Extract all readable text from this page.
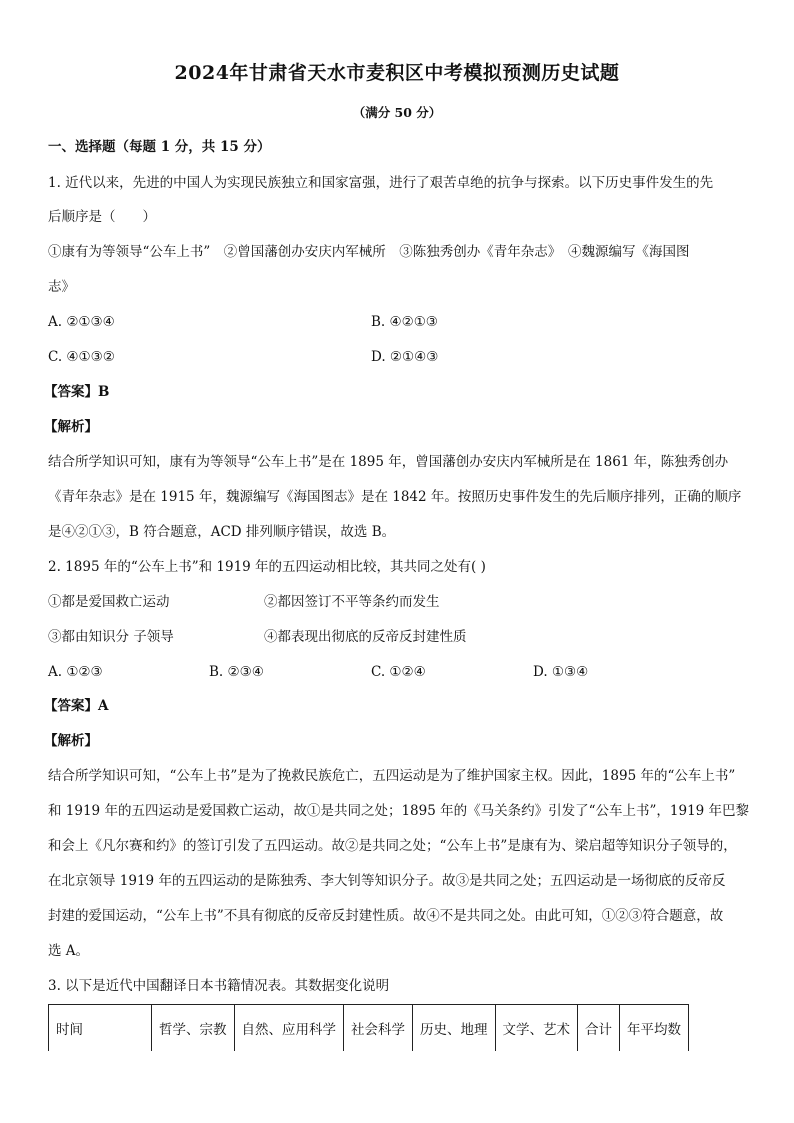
2024年甘肃省天水市麦积区中考模拟预测历史试题
（满分 50 分）
一、选择题（每题 1 分，共 15 分）
1. 近代以来，先进的中国人为实现民族独立和国家富强，进行了艰苦卓绝的抗争与探索。以下历史事件发生的先
后顺序是（　　）
①康有为等领导“公车上书”　②曾国藩创办安庆内军械所　③陈独秀创办《青年杂志》　④魏源编写《海国图
志》
A. ②①③④	B. ④②①③
C. ④①③②	D. ②①④③
【答案】B
【解析】
结合所学知识可知，康有为等领导“公车上书”是在 1895 年，曾国藩创办安庆内军械所是在 1861 年，陈独秀创办
《青年杂志》是在 1915 年，魏源编写《海国图志》是在 1842 年。按照历史事件发生的先后顺序排列，正确的顺序
是④②①③，B 符合题意，ACD 排列顺序错误，故选 B。
2. 1895 年的“公车上书”和 1919 年的五四运动相比较，其共同之处有( )
①都是爱国救亡运动	②都因签订不平等条约而发生
③都由知识分 子领导	④都表现出彻底的反帝反封建性质
A. ①②③	B. ②③④	C. ①②④	D. ①③④
【答案】A
【解析】
结合所学知识可知，“公车上书”是为了挽救民族危亡，五四运动是为了维护国家主权。因此，1895 年的“公车上书”
和 1919 年的五四运动是爱国救亡运动，故①是共同之处；1895 年的《马关条约》引发了“公车上书”，1919 年巴黎
和会上《凡尔赛和约》的签订引发了五四运动。故②是共同之处；“公车上书”是康有为、梁启超等知识分子领导的，
在北京领导 1919 年的五四运动的是陈独秀、李大钊等知识分子。故③是共同之处；五四运动是一场彻底的反帝反
封建的爱国运动，“公车上书”不具有彻底的反帝反封建性质。故④不是共同之处。由此可知，①②③符合题意，故
选 A。
3. 以下是近代中国翻译日本书籍情况表。其数据变化说明
时间	哲学、宗教	自然、应用科学	社会科学	历史、地理	文学、艺术	合计	年平均数
